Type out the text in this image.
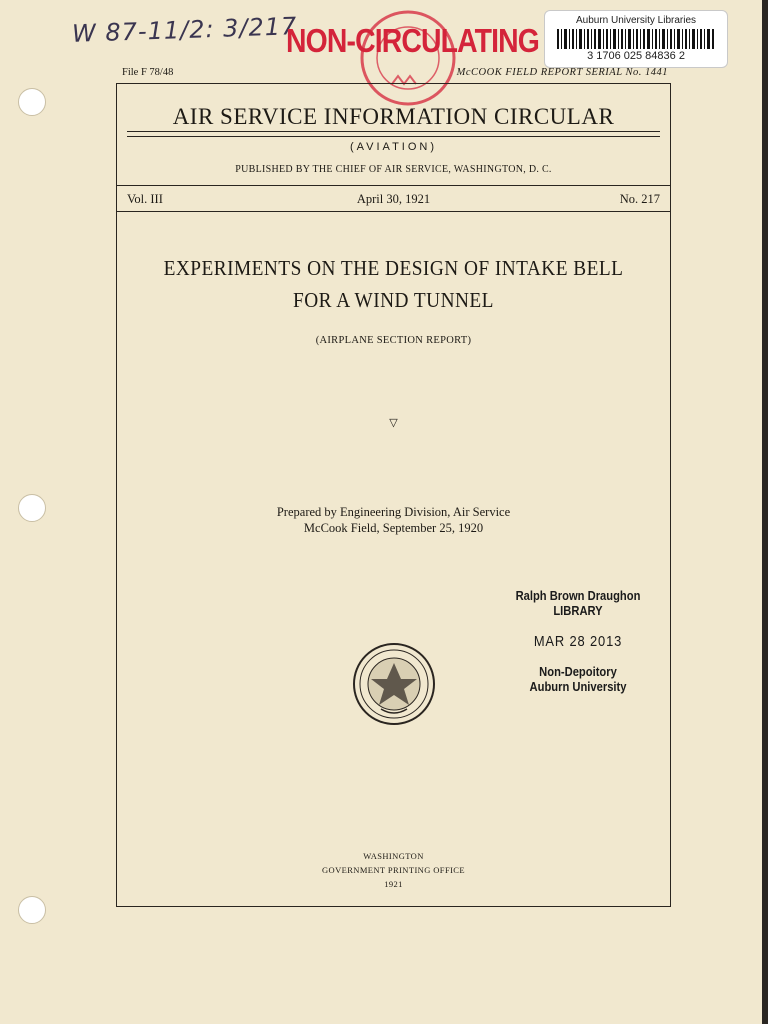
W 87-11/2: 3/217
NON-CIRCULATING
Auburn University Libraries
3 1706 025 84836 2
File F 78/48	McCOOK FIELD REPORT SERIAL No. 1441
AIR SERVICE INFORMATION CIRCULAR
(AVIATION)
PUBLISHED BY THE CHIEF OF AIR SERVICE, WASHINGTON, D. C.
Vol. III	April 30, 1921	No. 217
EXPERIMENTS ON THE DESIGN OF INTAKE BELL
FOR A WIND TUNNEL
(AIRPLANE SECTION REPORT)
▽
Prepared by Engineering Division, Air Service
McCook Field, September 25, 1920
Ralph Brown Draughon
LIBRARY
MAR 28 2013
Non-Depoitory
Auburn University
WASHINGTON
GOVERNMENT PRINTING OFFICE
1921
